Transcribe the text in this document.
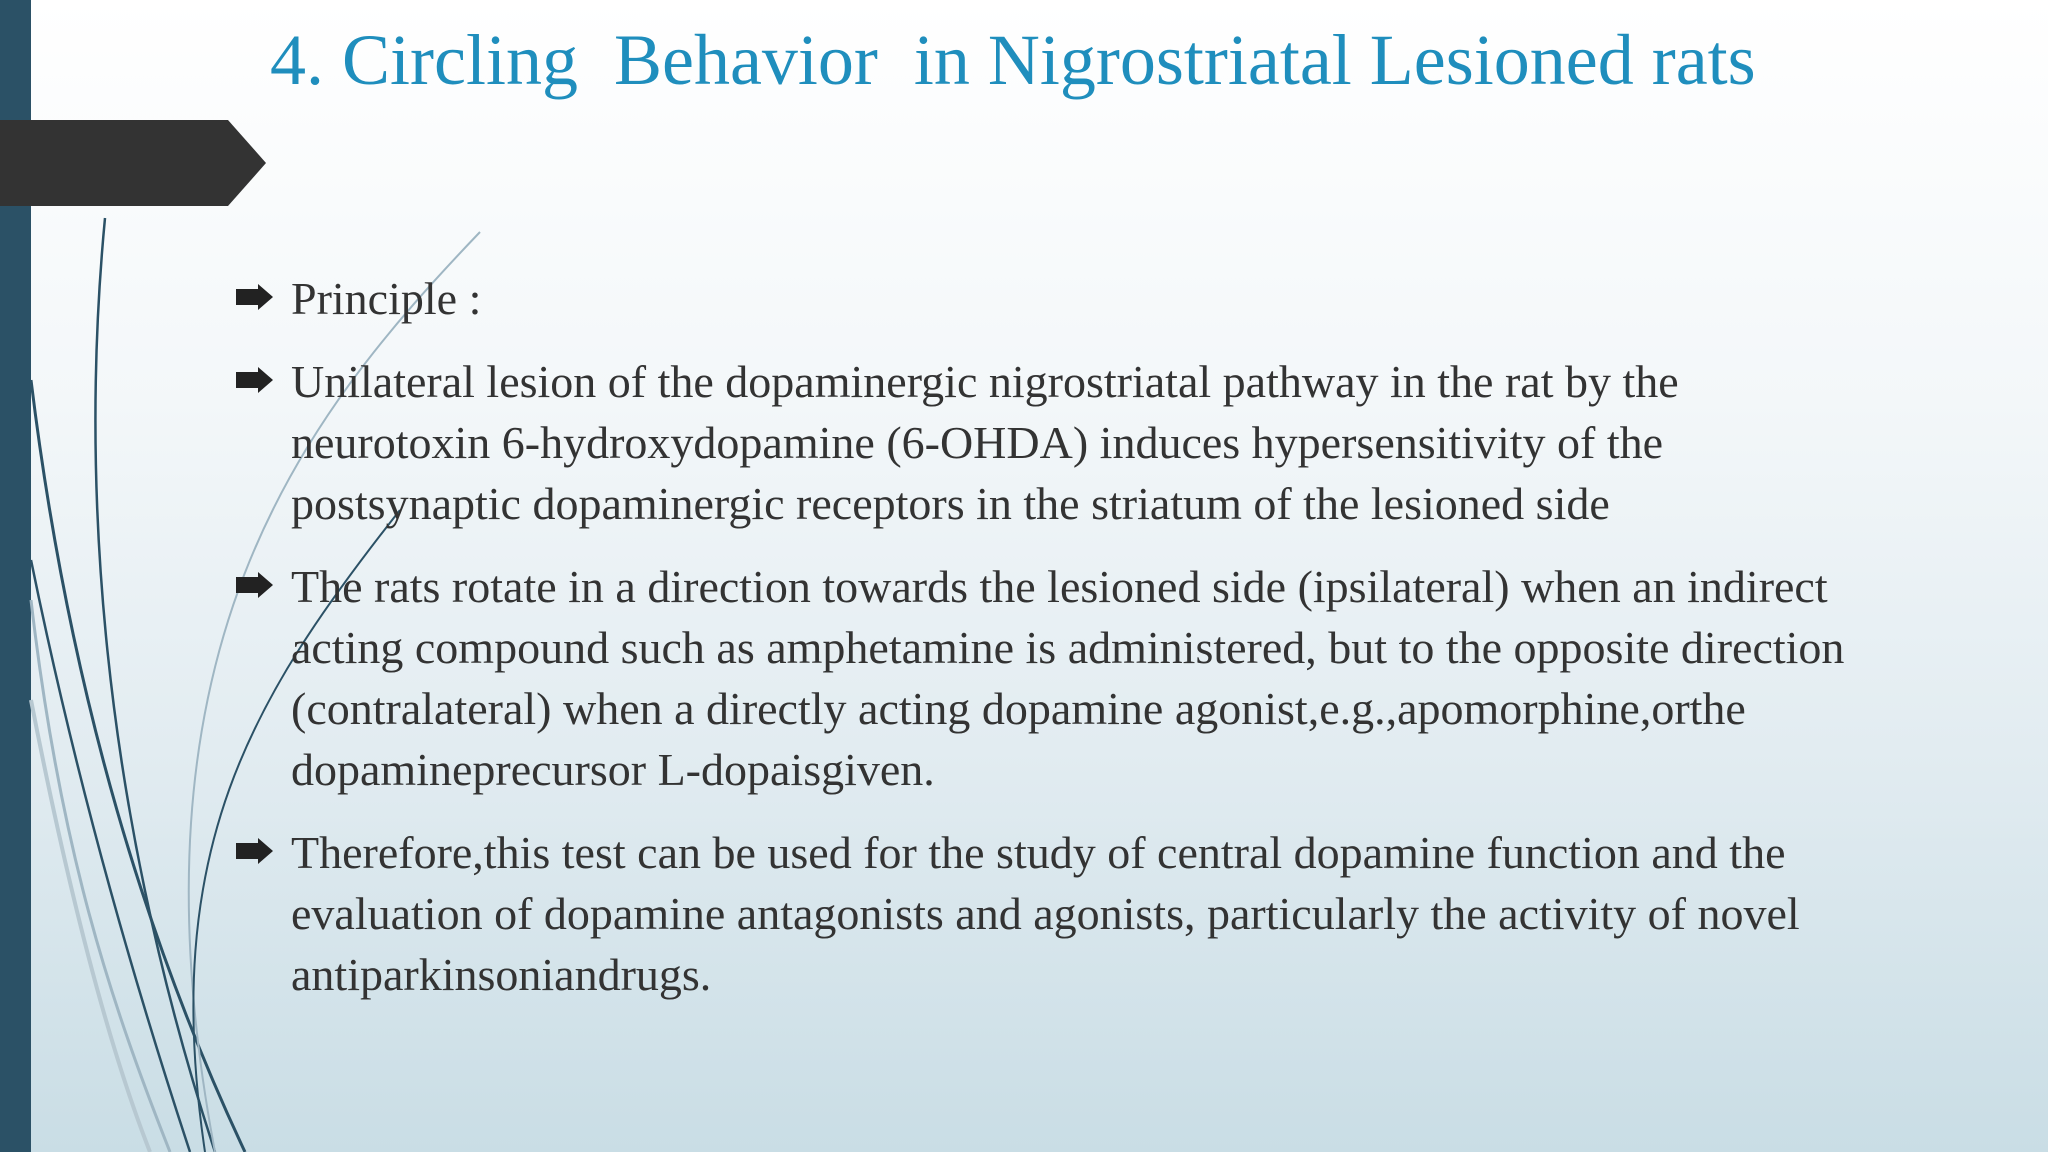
4. Circling  Behavior  in Nigrostriatal Lesioned rats
Principle :
Unilateral lesion of the dopaminergic nigrostriatal pathway in the rat by the neurotoxin 6-hydroxydopamine (6-OHDA) induces hypersensitivity of the postsynaptic dopaminergic receptors in the striatum of the lesioned side
The rats rotate in a direction towards the lesioned side (ipsilateral) when an indirect acting compound such as amphetamine is administered, but to the opposite direction (contralateral) when a directly acting dopamine agonist,e.g.,apomorphine,orthe dopamineprecursor L-dopaisgiven.
Therefore,this test can be used for the study of central dopamine function and the evaluation of dopamine antagonists and agonists, particularly the activity of novel antiparkinsoniandrugs.
